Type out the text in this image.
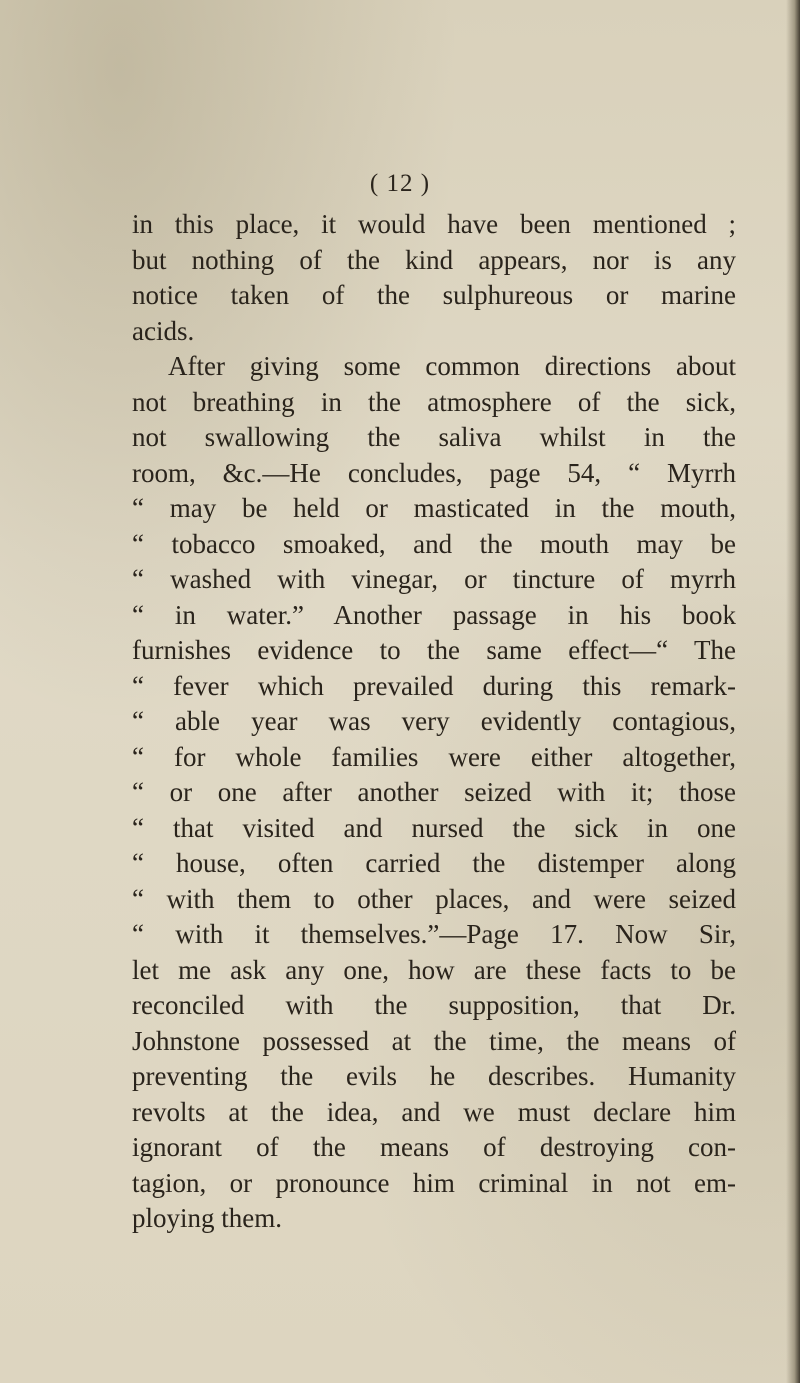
( 12 )
in this place, it would have been mentioned ;
but nothing of the kind appears, nor is any
notice taken of the sulphureous or marine
acids.
After giving some common directions about
not breathing in the atmosphere of the sick,
not swallowing the saliva whilst in the
room, &c.—He concludes, page 54, “ Myrrh
“ may be held or masticated in the mouth,
“ tobacco smoaked, and the mouth may be
“ washed with vinegar, or tincture of myrrh
“ in water.” Another passage in his book
furnishes evidence to the same effect—“ The
“ fever which prevailed during this remark-
“ able year was very evidently contagious,
“ for whole families were either altogether,
“ or one after another seized with it; those
“ that visited and nursed the sick in one
“ house, often carried the distemper along
“ with them to other places, and were seized
“ with it themselves.”—Page 17. Now Sir,
let me ask any one, how are these facts to be
reconciled with the supposition, that Dr.
Johnstone possessed at the time, the means of
preventing the evils he describes. Humanity
revolts at the idea, and we must declare him
ignorant of the means of destroying con-
tagion, or pronounce him criminal in not em-
ploying them.
